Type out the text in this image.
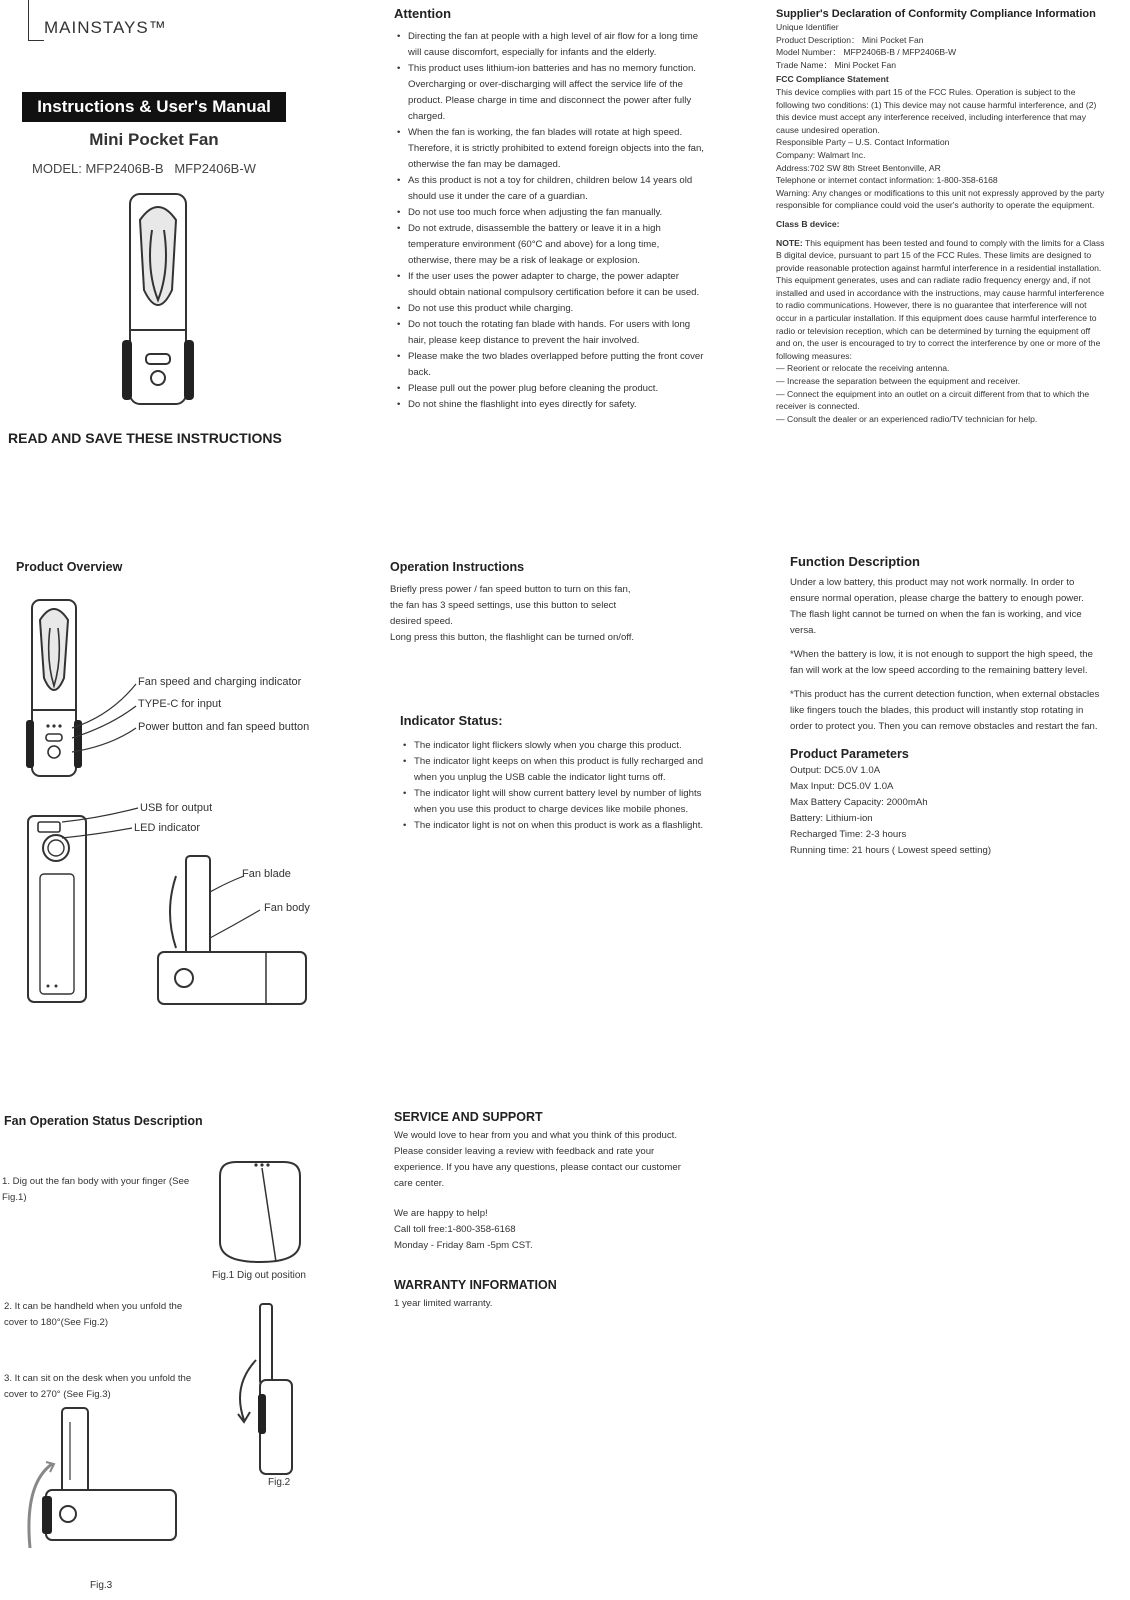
MAINSTAYS™
Instructions & User's Manual
Mini Pocket Fan
MODEL: MFP2406B-B   MFP2406B-W
READ AND SAVE THESE INSTRUCTIONS
Attention
• Directing the fan at people with a high level of air flow for a long time will cause discomfort, especially for infants and the elderly.
• This product uses lithium-ion batteries and has no memory function. Overcharging or over-discharging will affect the service life of the product. Please charge in time and disconnect the power after fully charged.
• When the fan is working, the fan blades will rotate at high speed. Therefore, it is strictly prohibited to extend foreign objects into the fan, otherwise the fan may be damaged.
• As this product is not a toy for children, children below 14 years old should use it under the care of a guardian.
• Do not use too much force when adjusting the fan manually.
• Do not extrude, disassemble the battery or leave it in a high temperature environment (60°C and above) for a long time, otherwise, there may be a risk of leakage or explosion.
• If the user uses the power adapter to charge, the power adapter should obtain national compulsory certification before it can be used.
• Do not use this product while charging.
• Do not touch the rotating fan blade with hands. For users with long hair, please keep distance to prevent the hair involved.
• Please make the two blades overlapped before putting the front cover back.
• Please pull out the power plug before cleaning the product.
• Do not shine the flashlight into eyes directly for safety.
Supplier's Declaration of Conformity Compliance Information
Unique Identifier
Product Description： Mini Pocket Fan
Model Number： MFP2406B-B / MFP2406B-W
Trade Name： Mini Pocket Fan
FCC Compliance Statement

This device complies with part 15 of the FCC Rules. Operation is subject to the following two conditions: (1) This device may not cause harmful interference, and (2) this device must accept any interference received, including interference that may cause undesired operation.

Responsible Party – U.S. Contact Information
Company: Walmart Inc.
Address:702 SW 8th Street Bentonville, AR
Telephone or internet contact information: 1-800-358-6168

Warning: Any changes or modifications to this unit not expressly approved by the party responsible for compliance could void the user's authority to operate the equipment.

Class B device:

NOTE: This equipment has been tested and found to comply with the limits for a Class B digital device, pursuant to part 15 of the FCC Rules. These limits are designed to provide reasonable protection against harmful interference in a residential installation. This equipment generates, uses and can radiate radio frequency energy and, if not installed and used in accordance with the instructions, may cause harmful interference to radio communications. However, there is no guarantee that interference will not occur in a particular installation. If this equipment does cause harmful interference to radio or television reception, which can be determined by turning the equipment off and on, the user is encouraged to try to correct the interference by one or more of the following measures:

— Reorient or relocate the receiving antenna.
— Increase the separation between the equipment and receiver.
— Connect the equipment into an outlet on a circuit different from that to which the receiver is connected.
— Consult the dealer or an experienced radio/TV technician for help.
Product Overview
Fan speed and charging indicator
TYPE-C for input
Power button and fan speed button
USB for output
LED indicator
Fan blade
Fan body
Operation Instructions
Briefly press power / fan speed button to turn on this fan,
the fan has 3 speed settings, use this button to select
desired speed.
Long press this button, the flashlight can be turned on/off.
Indicator Status:
• The indicator light flickers slowly when you charge this product.
• The indicator light keeps on when this product is fully recharged and when you unplug the USB cable the indicator light turns off.
• The indicator light will show current battery level by number of lights when you use this product to charge devices like mobile phones.
• The indicator light is not on when this product is work as a flashlight.
Function Description

Under a low battery, this product may not work normally. In order to ensure normal operation, please charge the battery to enough power. The flash light cannot be turned on when the fan is working, and vice versa.

*When the battery is low, it is not enough to support the high speed, the fan will work at the low speed according to the remaining battery level.

*This product has the current detection function, when external obstacles like fingers touch the blades, this product will instantly stop rotating in order to protect you. Then you can remove obstacles and restart the fan.

Product Parameters
Output: DC5.0V 1.0A
Max Input: DC5.0V 1.0A
Max Battery Capacity: 2000mAh
Battery: Lithium-ion
Recharged Time: 2-3 hours
Running time: 21 hours ( Lowest speed setting)
Fan Operation Status Description
1. Dig out the fan body with your finger (See Fig.1)
Fig.1 Dig out position
2. It can be handheld when you unfold the cover to 180°(See Fig.2)
3. It can sit on the desk when you unfold the cover to 270° (See Fig.3)
Fig.2
Fig.3
SERVICE AND SUPPORT

We would love to hear from you and what you think of this product. Please consider leaving a review with feedback and rate your experience. If you have any questions, please contact our customer care center.

We are happy to help!
Call toll free:1-800-358-6168
Monday - Friday 8am -5pm CST.
WARRANTY INFORMATION
1 year limited warranty.
